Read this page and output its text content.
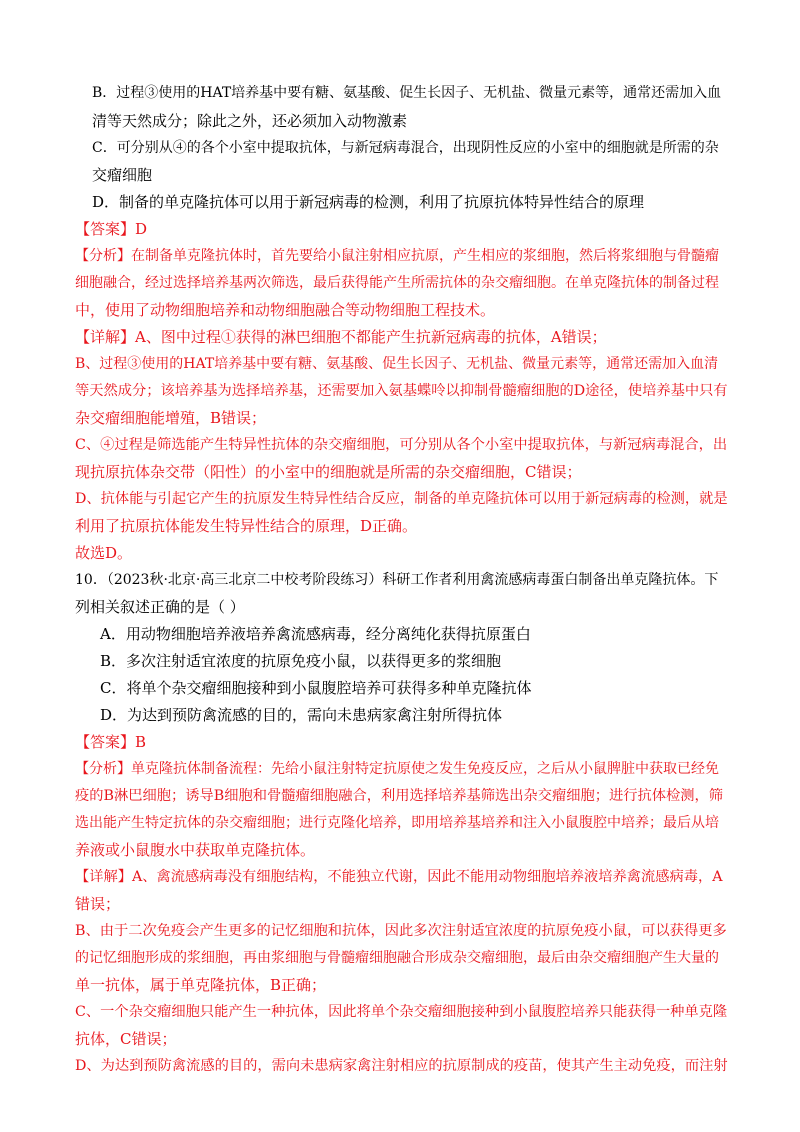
B．过程③使用的HAT培养基中要有糖、氨基酸、促生长因子、无机盐、微量元素等，通常还需加入血
清等天然成分；除此之外，还必须加入动物激素
C．可分别从④的各个小室中提取抗体，与新冠病毒混合，出现阴性反应的小室中的细胞就是所需的杂
交瘤细胞
D．制备的单克隆抗体可以用于新冠病毒的检测，利用了抗原抗体特异性结合的原理
【答案】D
【分析】在制备单克隆抗体时，首先要给小鼠注射相应抗原，产生相应的浆细胞，然后将浆细胞与骨髓瘤
细胞融合，经过选择培养基两次筛选，最后获得能产生所需抗体的杂交瘤细胞。在单克隆抗体的制备过程
中，使用了动物细胞培养和动物细胞融合等动物细胞工程技术。
【详解】A、图中过程①获得的淋巴细胞不都能产生抗新冠病毒的抗体，A错误；
B、过程③使用的HAT培养基中要有糖、氨基酸、促生长因子、无机盐、微量元素等，通常还需加入血清
等天然成分；该培养基为选择培养基，还需要加入氨基蝶呤以抑制骨髓瘤细胞的D途径，使培养基中只有
杂交瘤细胞能增殖，B错误；
C、④过程是筛选能产生特异性抗体的杂交瘤细胞，可分别从各个小室中提取抗体，与新冠病毒混合，出
现抗原抗体杂交带（阳性）的小室中的细胞就是所需的杂交瘤细胞，C错误；
D、抗体能与引起它产生的抗原发生特异性结合反应，制备的单克隆抗体可以用于新冠病毒的检测，就是
利用了抗原抗体能发生特异性结合的原理，D正确。
故选D。
10．（2023秋·北京·高三北京二中校考阶段练习）科研工作者利用禽流感病毒蛋白制备出单克隆抗体。下
列相关叙述正确的是（ ）
A．用动物细胞培养液培养禽流感病毒，经分离纯化获得抗原蛋白
B．多次注射适宜浓度的抗原免疫小鼠，以获得更多的浆细胞
C．将单个杂交瘤细胞接种到小鼠腹腔培养可获得多种单克隆抗体
D．为达到预防禽流感的目的，需向未患病家禽注射所得抗体
【答案】B
【分析】单克隆抗体制备流程：先给小鼠注射特定抗原使之发生免疫反应，之后从小鼠脾脏中获取已经免
疫的B淋巴细胞；诱导B细胞和骨髓瘤细胞融合，利用选择培养基筛选出杂交瘤细胞；进行抗体检测，筛
选出能产生特定抗体的杂交瘤细胞；进行克隆化培养，即用培养基培养和注入小鼠腹腔中培养；最后从培
养液或小鼠腹水中获取单克隆抗体。
【详解】A、禽流感病毒没有细胞结构，不能独立代谢，因此不能用动物细胞培养液培养禽流感病毒，A
错误；
B、由于二次免疫会产生更多的记忆细胞和抗体，因此多次注射适宜浓度的抗原免疫小鼠，可以获得更多
的记忆细胞形成的浆细胞，再由浆细胞与骨髓瘤细胞融合形成杂交瘤细胞，最后由杂交瘤细胞产生大量的
单一抗体，属于单克隆抗体，B正确；
C、一个杂交瘤细胞只能产生一种抗体，因此将单个杂交瘤细胞接种到小鼠腹腔培养只能获得一种单克隆
抗体，C错误；
D、为达到预防禽流感的目的，需向未患病家禽注射相应的抗原制成的疫苗，使其产生主动免疫，而注射
